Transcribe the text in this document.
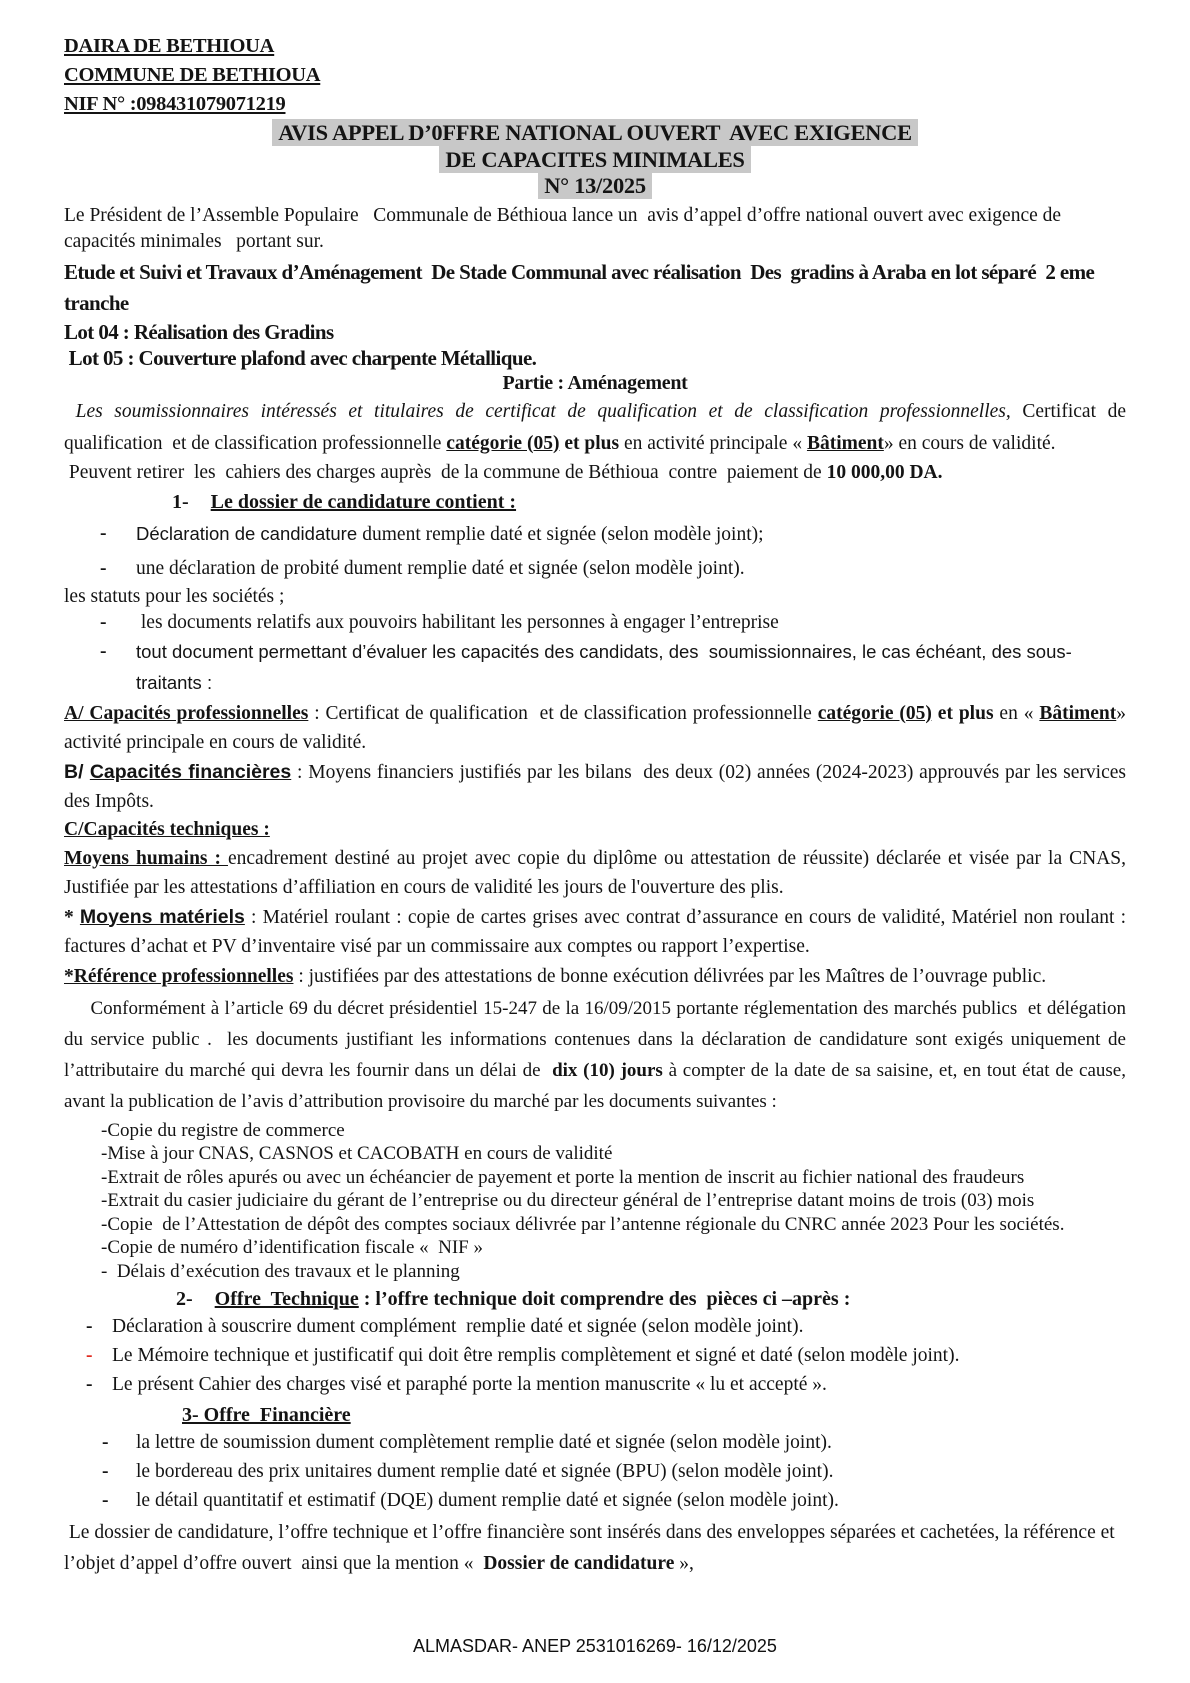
DAIRA DE BETHIOUA
COMMUNE DE BETHIOUA
NIF N° :098431079071219
AVIS APPEL D’0FFRE NATIONAL OUVERT  AVEC EXIGENCE
DE CAPACITES MINIMALES
N° 13/2025

Le Président de l’Assemble Populaire   Communale de Béthioua lance un  avis d’appel d’offre national ouvert avec exigence de capacités minimales   portant sur.

Etude et Suivi et Travaux d’Aménagement  De Stade Communal avec réalisation  Des  gradins à Araba en lot séparé  2 eme tranche

Lot 04 : Réalisation des Gradins

Lot 05 : Couverture plafond avec charpente Métallique.

Partie : Aménagement

Les soumissionnaires intéressés et titulaires de certificat de qualification et de classification professionnelles, Certificat de qualification  et de classification professionnelle catégorie (05) et plus en activité principale « Bâtiment» en cours de validité.

Peuvent retirer  les  cahiers des charges auprès  de la commune de Béthioua  contre  paiement de 10 000,00 DA.

1- Le dossier de candidature contient :

-	Déclaration de candidature dument remplie daté et signée (selon modèle joint);
-	une déclaration de probité dument remplie daté et signée (selon modèle joint).

les statuts pour les sociétés ;

-	les documents relatifs aux pouvoirs habilitant les personnes à engager l’entreprise
-	tout document permettant d’évaluer les capacités des candidats, des  soumissionnaires, le cas échéant, des sous-traitants :

A/ Capacités professionnelles : Certificat de qualification  et de classification professionnelle catégorie (05) et plus en « Bâtiment» activité principale en cours de validité.

B/ Capacités financières : Moyens financiers justifiés par les bilans  des deux (02) années (2024-2023) approuvés par les services des Impôts.

C/Capacités techniques :

Moyens humains : encadrement destiné au projet avec copie du diplôme ou attestation de réussite) déclarée et visée par la CNAS, Justifiée par les attestations d’affiliation en cours de validité les jours de l'ouverture des plis.

* Moyens matériels : Matériel roulant : copie de cartes grises avec contrat d’assurance en cours de validité, Matériel non roulant : factures d’achat et PV d’inventaire visé par un commissaire aux comptes ou rapport l’expertise.

*Référence professionnelles : justifiées par des attestations de bonne exécution délivrées par les Maîtres de l’ouvrage public.

Conformément à l’article 69 du décret présidentiel 15-247 de la 16/09/2015 portante réglementation des marchés publics  et délégation du service public .  les documents justifiant les informations contenues dans la déclaration de candidature sont exigés uniquement de l’attributaire du marché qui devra les fournir dans un délai de  dix (10) jours à compter de la date de sa saisine, et, en tout état de cause, avant la publication de l’avis d’attribution provisoire du marché par les documents suivantes :

-Copie du registre de commerce
-Mise à jour CNAS, CASNOS et CACOBATH en cours de validité
-Extrait de rôles apurés ou avec un échéancier de payement et porte la mention de inscrit au fichier national des fraudeurs
-Extrait du casier judiciaire du gérant de l’entreprise ou du directeur général de l’entreprise datant moins de trois (03) mois
-Copie  de l’Attestation de dépôt des comptes sociaux délivrée par l’antenne régionale du CNRC année 2023 Pour les sociétés.
-Copie de numéro d’identification fiscale «  NIF »
-  Délais d’exécution des travaux et le planning

2- Offre  Technique : l’offre technique doit comprendre des  pièces ci –après :

-	Déclaration à souscrire dument complément  remplie daté et signée (selon modèle joint).
-	Le Mémoire technique et justificatif qui doit être remplis complètement et signé et daté (selon modèle joint).
-	Le présent Cahier des charges visé et paraphé porte la mention manuscrite « lu et accepté ».

3- Offre  Financière

-	la lettre de soumission dument complètement remplie daté et signée (selon modèle joint).
-	le bordereau des prix unitaires dument remplie daté et signée (BPU) (selon modèle joint).
-	le détail quantitatif et estimatif (DQE) dument remplie daté et signée (selon modèle joint).

Le dossier de candidature, l’offre technique et l’offre financière sont insérés dans des enveloppes séparées et cachetées, la référence et l’objet d’appel d’offre ouvert  ainsi que la mention «  Dossier de candidature »,

ALMASDAR- ANEP 2531016269- 16/12/2025
